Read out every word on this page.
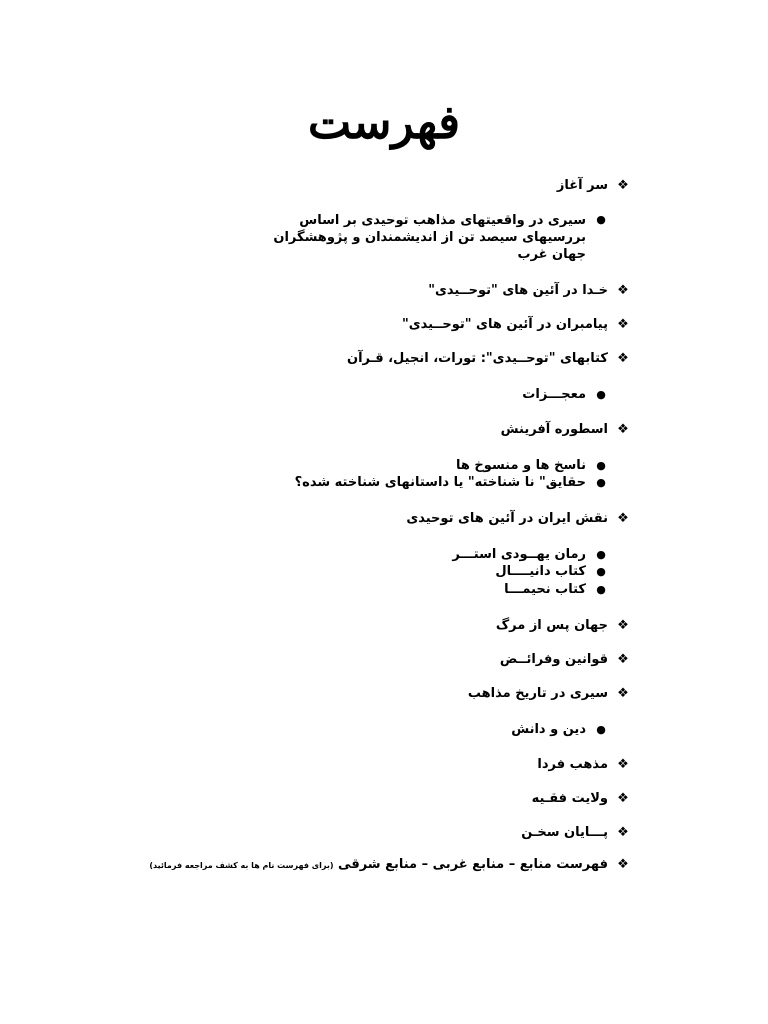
فهرست
❖سر آغاز
●سیری در واقعیتهای مذاهب توحیدی بر اساس بررسیهای سیصد تن از اندیشمندان و پژوهشگران جهان غرب
❖خـدا در آئین های "توحــیدی"
❖پیامبران در آئین های "توحــیدی"
❖کتابهای "توحــیدی": تورات، انجیل، قـرآن
●معجـــزات
❖اسطوره آفرینش
●ناسخ ها و منسوخ ها
●حقایق" نا شناخته" یا داستانهای شناخته شده؟
❖نقش ایران در آئین های توحیدی
●رمان یهــودی استـــر
●کتاب دانیــــال
●کتاب نحیمـــا
❖جهان پس از مرگ
❖قوانین وفرائــض
❖سیری در تاریخ مذاهب
●دین و دانش
❖مذهب فردا
❖ولایت فقـیه
❖پـــایان سخـن
❖فهرست منابع – منابع غربی – منابع شرقی (برای فهرست نام ها به کشف مراجعه فرمائید)
